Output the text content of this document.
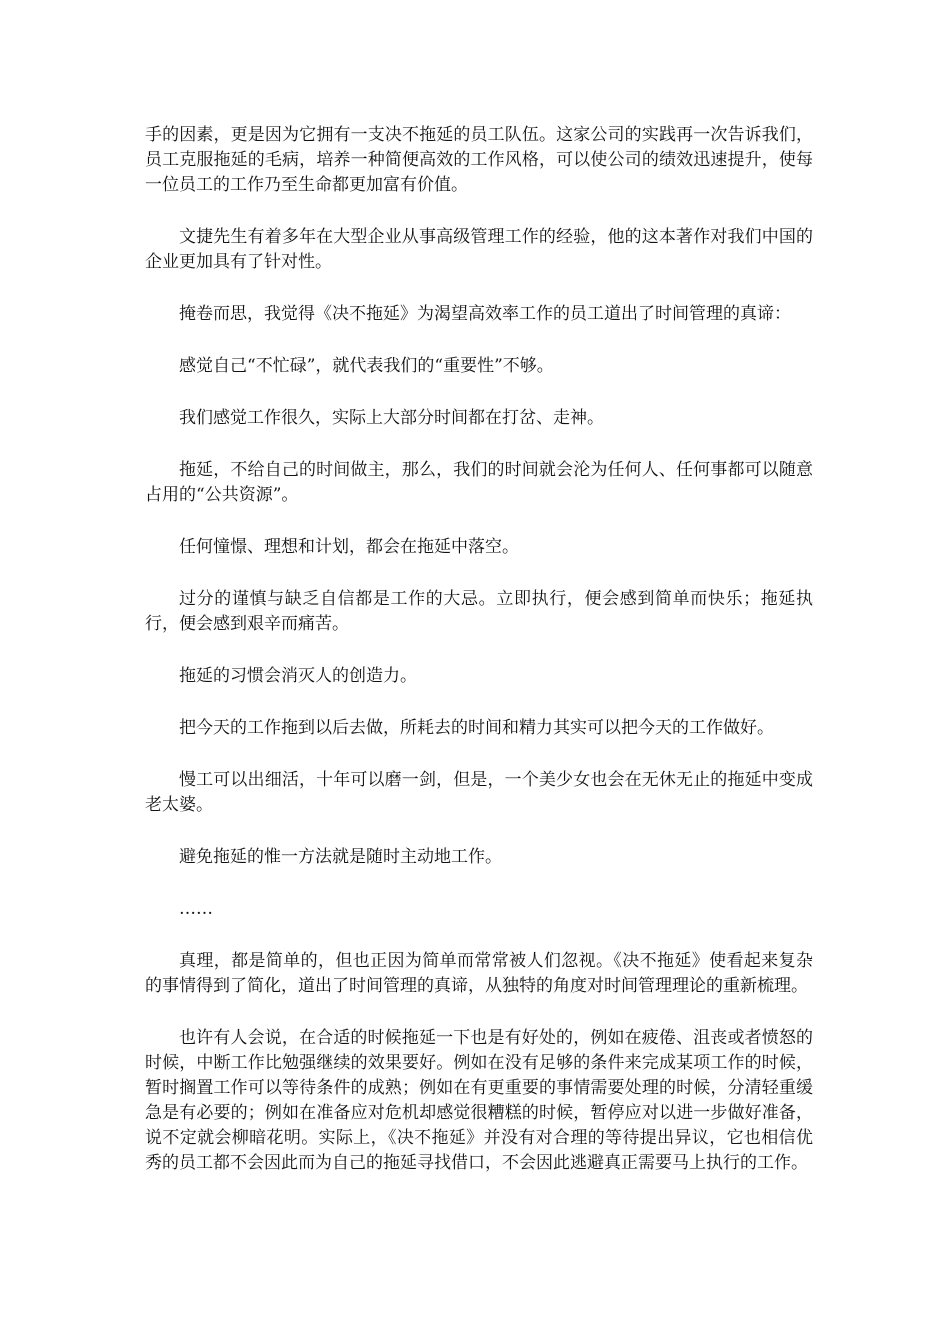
手的因素，更是因为它拥有一支决不拖延的员工队伍。这家公司的实践再一次告诉我们，员工克服拖延的毛病，培养一种简便高效的工作风格，可以使公司的绩效迅速提升，使每一位员工的工作乃至生命都更加富有价值。

文捷先生有着多年在大型企业从事高级管理工作的经验，他的这本著作对我们中国的企业更加具有了针对性。

掩卷而思，我觉得《决不拖延》为渴望高效率工作的员工道出了时间管理的真谛：

感觉自己“不忙碌”，就代表我们的“重要性”不够。

我们感觉工作很久，实际上大部分时间都在打岔、走神。

拖延，不给自己的时间做主，那么，我们的时间就会沦为任何人、任何事都可以随意占用的“公共资源”。

任何憧憬、理想和计划，都会在拖延中落空。

过分的谨慎与缺乏自信都是工作的大忌。立即执行，便会感到简单而快乐；拖延执行，便会感到艰辛而痛苦。

拖延的习惯会消灭人的创造力。

把今天的工作拖到以后去做，所耗去的时间和精力其实可以把今天的工作做好。

慢工可以出细活，十年可以磨一剑，但是，一个美少女也会在无休无止的拖延中变成老太婆。

避免拖延的惟一方法就是随时主动地工作。

……

真理，都是简单的，但也正因为简单而常常被人们忽视。《决不拖延》使看起来复杂的事情得到了简化，道出了时间管理的真谛，从独特的角度对时间管理理论的重新梳理。

也许有人会说，在合适的时候拖延一下也是有好处的，例如在疲倦、沮丧或者愤怒的时候，中断工作比勉强继续的效果要好。例如在没有足够的条件来完成某项工作的时候，暂时搁置工作可以等待条件的成熟；例如在有更重要的事情需要处理的时候，分清轻重缓急是有必要的；例如在准备应对危机却感觉很糟糕的时候，暂停应对以进一步做好准备，说不定就会柳暗花明。实际上，《决不拖延》并没有对合理的等待提出异议，它也相信优秀的员工都不会因此而为自己的拖延寻找借口，不会因此逃避真正需要马上执行的工作。
